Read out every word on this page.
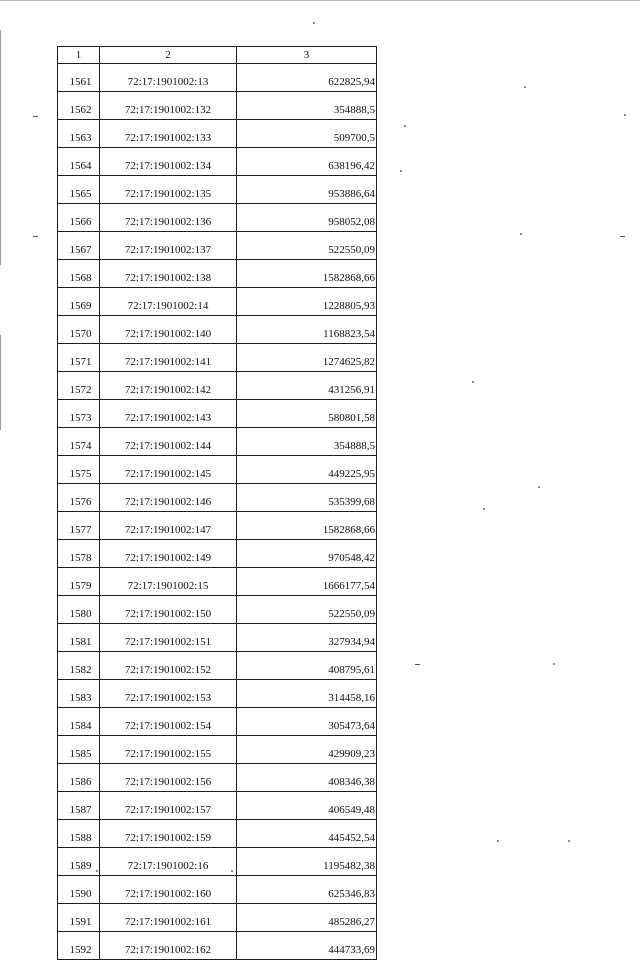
1	2	3
1561	72:17:1901002:13	622825,94
1562	72:17:1901002:132	354888,5
1563	72:17:1901002:133	509700,5
1564	72:17:1901002:134	638196,42
1565	72:17:1901002:135	953886,64
1566	72:17:1901002:136	958052,08
1567	72:17:1901002:137	522550,09
1568	72:17:1901002:138	1582868,66
1569	72:17:1901002:14	1228805,93
1570	72:17:1901002:140	1168823,54
1571	72:17:1901002:141	1274625,82
1572	72:17:1901002:142	431256,91
1573	72:17:1901002:143	580801,58
1574	72:17:1901002:144	354888,5
1575	72:17:1901002:145	449225,95
1576	72:17:1901002:146	535399,68
1577	72:17:1901002:147	1582868,66
1578	72:17:1901002:149	970548,42
1579	72:17:1901002:15	1666177,54
1580	72:17:1901002:150	522550,09
1581	72:17:1901002:151	327934,94
1582	72:17:1901002:152	408795,61
1583	72:17:1901002:153	314458,16
1584	72:17:1901002:154	305473,64
1585	72:17:1901002:155	429909,23
1586	72:17:1901002:156	408346,38
1587	72:17:1901002:157	406549,48
1588	72:17:1901002:159	445452,54
1589	72:17:1901002:16	1195482,38
1590	72:17:1901002:160	625346,83
1591	72:17:1901002:161	485286,27
1592	72:17:1901002:162	444733,69
